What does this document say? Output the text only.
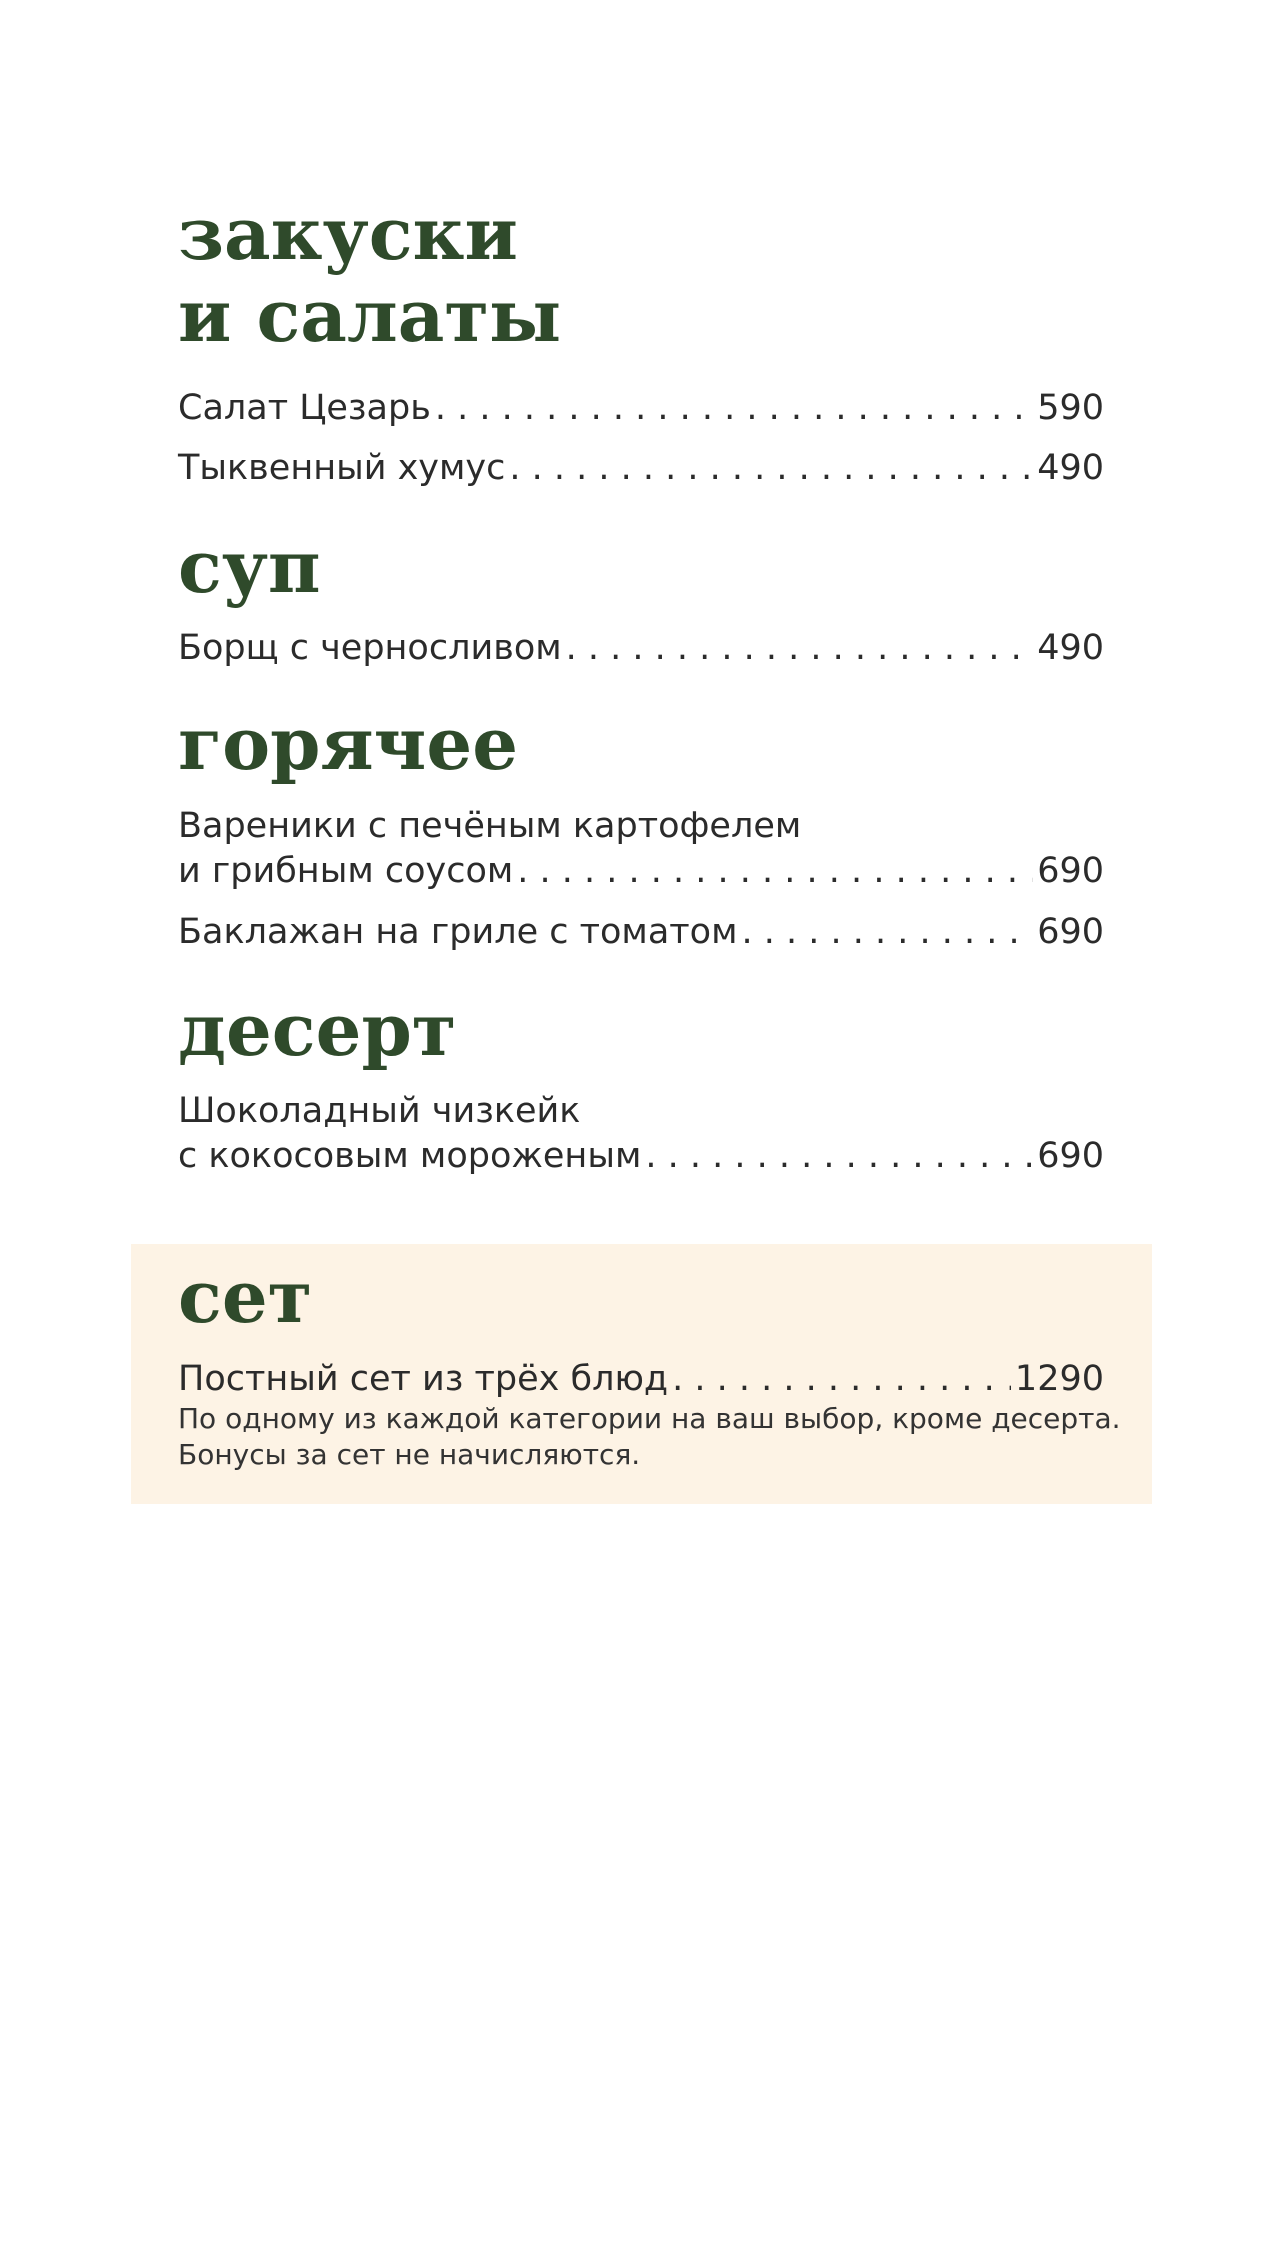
закуски
и салаты
Салат Цезарь . . .	590
Тыквенный хумус . . .	490
суп
Борщ с черносливом . . .	490
горячее
Вареники с печёным картофелем
и грибным соусом . . .	690
Баклажан на гриле с томатом . . .	690
десерт
Шоколадный чизкейк
с кокосовым мороженым . . .	690
сет
Постный сет из трёх блюд . . .	1290
По одному из каждой категории на ваш выбор, кроме десерта.
Бонусы за сет не начисляются.
